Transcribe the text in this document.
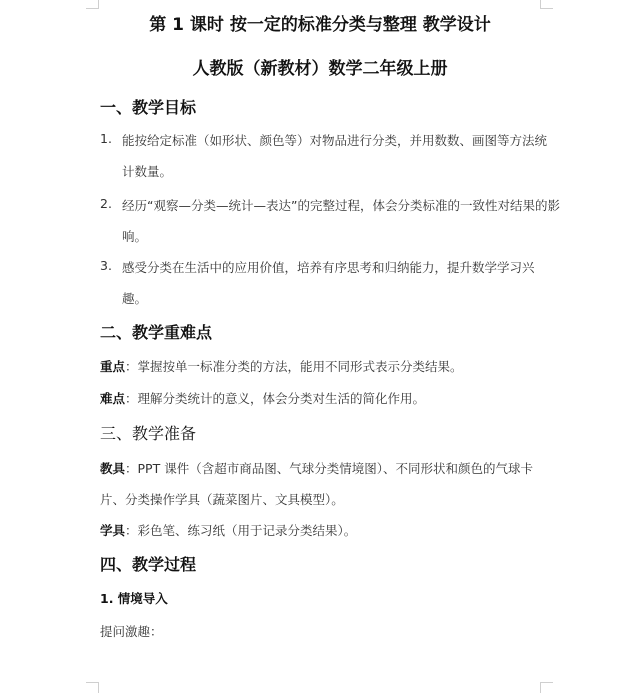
第 1 课时 按一定的标准分类与整理 教学设计
人教版（新教材）数学二年级上册
一、教学目标
1. 能按给定标准（如形状、颜色等）对物品进行分类，并用数数、画图等方法统
计数量。
2. 经历“观察—分类—统计—表达”的完整过程，体会分类标准的一致性对结果的影
响。
3. 感受分类在生活中的应用价值，培养有序思考和归纳能力，提升数学学习兴
趣。
二、教学重难点
重点：掌握按单一标准分类的方法，能用不同形式表示分类结果。
难点：理解分类统计的意义，体会分类对生活的简化作用。
三、教学准备
教具：PPT 课件（含超市商品图、气球分类情境图）、不同形状和颜色的气球卡
片、分类操作学具（蔬菜图片、文具模型）。
学具：彩色笔、练习纸（用于记录分类结果）。
四、教学过程
1. 情境导入
提问激趣：
